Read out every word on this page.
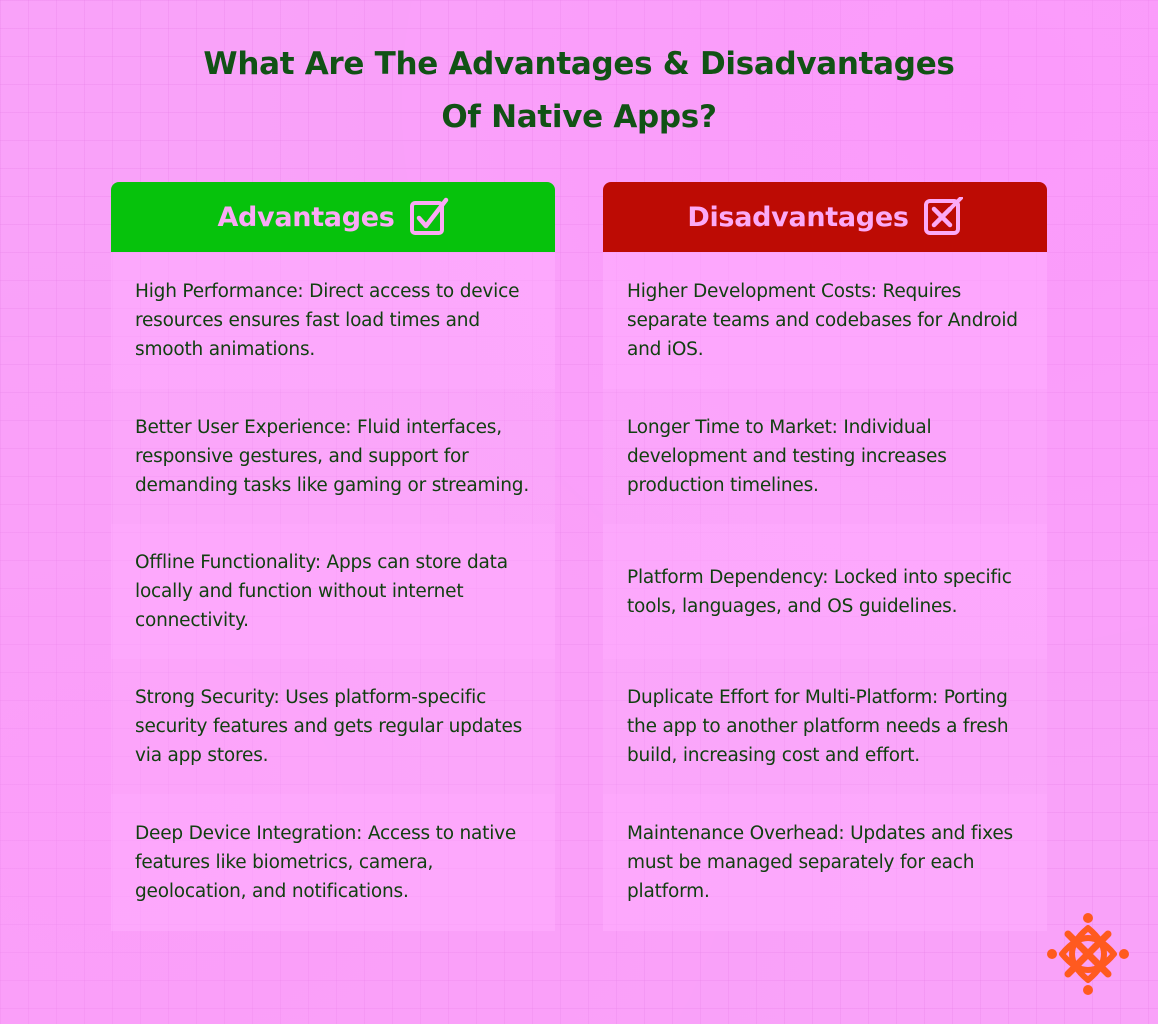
What Are The Advantages & Disadvantages
Of Native Apps?
Advantages
High Performance: Direct access to device resources ensures fast load times and smooth animations.
Better User Experience: Fluid interfaces, responsive gestures, and support for demanding tasks like gaming or streaming.
Offline Functionality: Apps can store data locally and function without internet connectivity.
Strong Security: Uses platform-specific security features and gets regular updates via app stores.
Deep Device Integration: Access to native features like biometrics, camera, geolocation, and notifications.
Disadvantages
Higher Development Costs: Requires separate teams and codebases for Android and iOS.
Longer Time to Market: Individual development and testing increases production timelines.
Platform Dependency: Locked into specific tools, languages, and OS guidelines.
Duplicate Effort for Multi-Platform: Porting the app to another platform needs a fresh build, increasing cost and effort.
Maintenance Overhead: Updates and fixes must be managed separately for each platform.
